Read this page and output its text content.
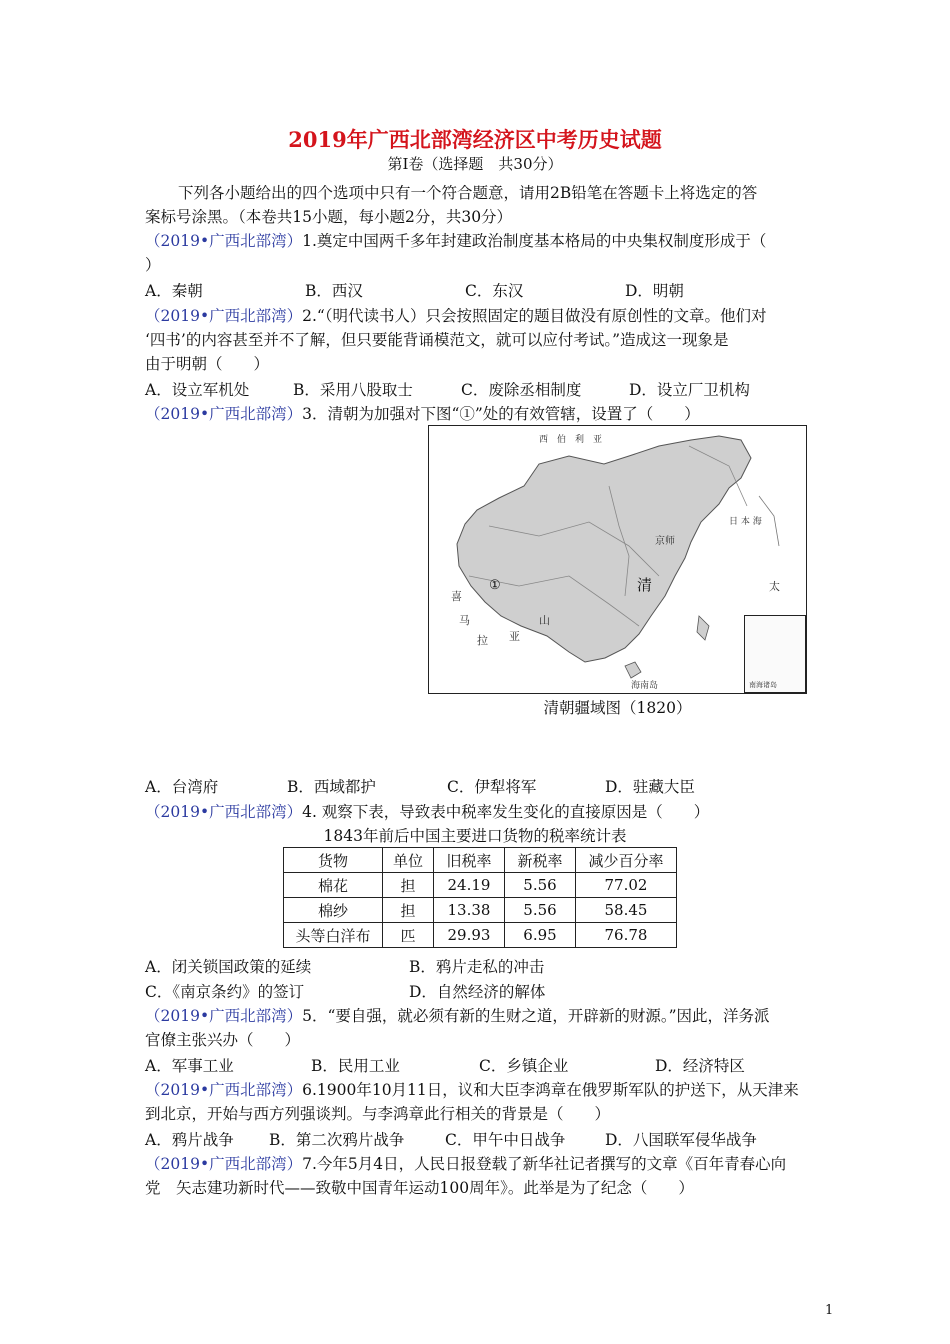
2019年广西北部湾经济区中考历史试题
第Ⅰ卷（选择题　共30分）
下列各小题给出的四个选项中只有一个符合题意，请用2B铅笔在答题卡上将选定的答
案标号涂黑。（本卷共15小题，每小题2分，共30分）
（2019•广西北部湾）1.奠定中国两千多年封建政治制度基本格局的中央集权制度形成于（
）
A．秦朝	B．西汉	C．东汉	D．明朝
（2019•广西北部湾）2.“（明代读书人）只会按照固定的题目做没有原创性的文章。他们对
‘四书’的内容甚至并不了解，但只要能背诵模范文，就可以应付考试。”造成这一现象是
由于明朝（　　）
A．设立军机处	B．采用八股取士	C．废除丞相制度	D．设立厂卫机构
（2019•广西北部湾）3．清朝为加强对下图“①”处的有效管辖，设置了（　　）
西　伯　利　亚
京师
①
喜
马
拉 亚
山
清
日 本 海
太
海南岛	南海诸岛
清朝疆域图（1820）
A．台湾府	B．西域都护	C．伊犁将军	D．驻藏大臣
（2019•广西北部湾）4. 观察下表，导致表中税率发生变化的直接原因是（　　）
1843年前后中国主要进口货物的税率统计表
货物	单位	旧税率	新税率	减少百分率
棉花	担	24.19	5.56	77.02
棉纱	担	13.38	5.56	58.45
头等白洋布	匹	29.93	6.95	76.78
A．闭关锁国政策的延续	B．鸦片走私的冲击
C．《南京条约》的签订	D．自然经济的解体
（2019•广西北部湾）5．“要自强，就必须有新的生财之道，开辟新的财源。”因此，洋务派
官僚主张兴办（　　）
A．军事工业	B．民用工业	C．乡镇企业	D．经济特区
（2019•广西北部湾）6.1900年10月11日，议和大臣李鸿章在俄罗斯军队的护送下，从天津来
到北京，开始与西方列强谈判。与李鸿章此行相关的背景是（　　）
A．鸦片战争 B．第二次鸦片战争	C．甲午中日战争	D．八国联军侵华战争
（2019•广西北部湾）7.今年5月4日，人民日报登载了新华社记者撰写的文章《百年青春心向
党　矢志建功新时代——致敬中国青年运动100周年》。此举是为了纪念（　　）
1
